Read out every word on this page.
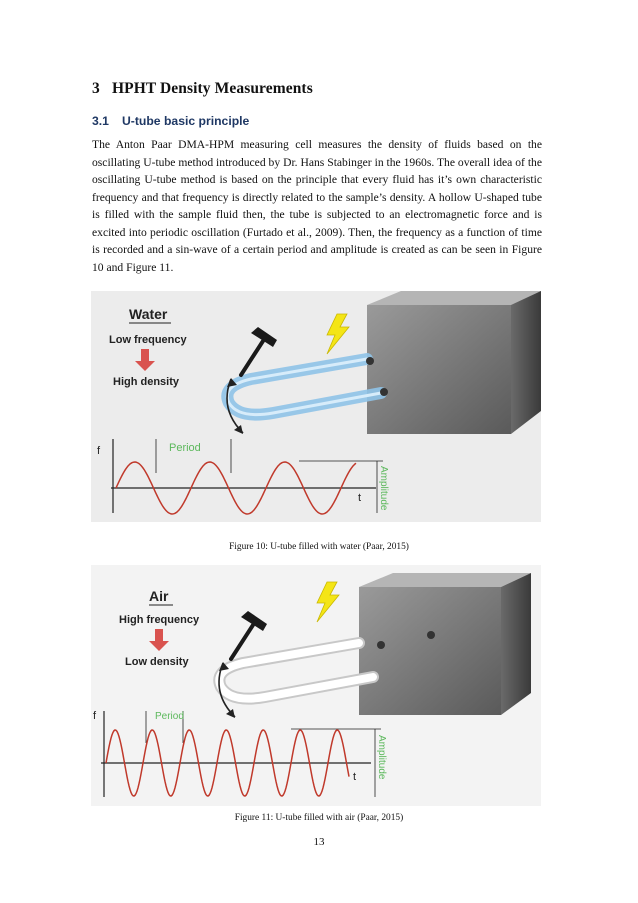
3 HPHT Density Measurements
3.1 U-tube basic principle
The Anton Paar DMA-HPM measuring cell measures the density of fluids based on the oscillating U-tube method introduced by Dr. Hans Stabinger in the 1960s. The overall idea of the oscillating U-tube method is based on the principle that every fluid has it’s own characteristic frequency and that frequency is directly related to the sample’s density. A hollow U-shaped tube is filled with the sample fluid then, the tube is subjected to an electromagnetic force and is excited into periodic oscillation (Furtado et al., 2009). Then, the frequency as a function of time is recorded and a sin-wave of a certain period and amplitude is created as can be seen in Figure 10 and Figure 11.
Water
Low frequency
High density
f
t
Period
Amplitude
Figure 10: U-tube filled with water (Paar, 2015)
Air
High frequency
Low density
f
t
Period
Amplitude
Figure 11: U-tube filled with air (Paar, 2015)
13
